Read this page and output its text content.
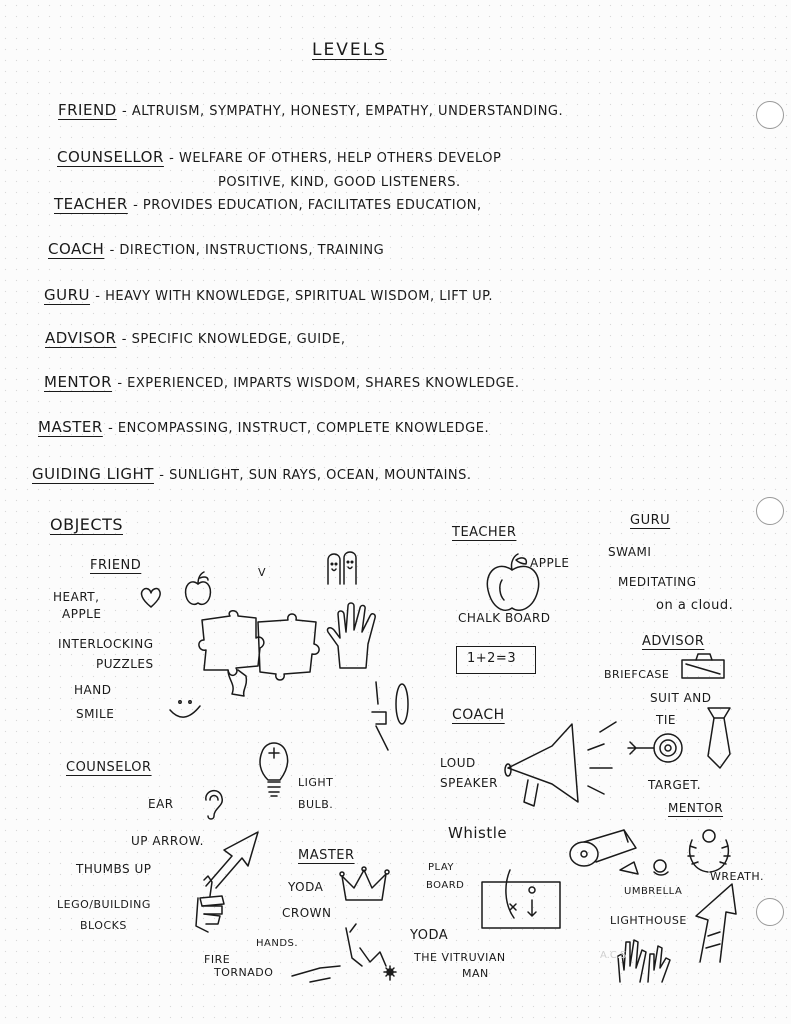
LEVELS
FRIEND - ALTRUISM, SYMPATHY, HONESTY, EMPATHY, UNDERSTANDING.
COUNSELLOR - WELFARE OF OTHERS, HELP OTHERS DEVELOP
POSITIVE, KIND, GOOD LISTENERS.
TEACHER - PROVIDES EDUCATION, FACILITATES EDUCATION,
COACH - DIRECTION, INSTRUCTIONS, TRAINING
GURU - HEAVY WITH KNOWLEDGE, SPIRITUAL WISDOM, LIFT UP.
ADVISOR - SPECIFIC KNOWLEDGE, GUIDE,
MENTOR - EXPERIENCED, IMPARTS WISDOM, SHARES KNOWLEDGE.
MASTER - ENCOMPASSING, INSTRUCT, COMPLETE KNOWLEDGE.
GUIDING LIGHT - SUNLIGHT, SUN RAYS, OCEAN, MOUNTAINS.
OBJECTS
FRIEND
HEART,
APPLE
INTERLOCKING
PUZZLES
HAND
SMILE
V
COUNSELOR
EAR
UP ARROW.
THUMBS UP
LEGO/BUILDING
BLOCKS
LIGHT BULB.
MASTER
YODA
CROWN
HANDS.
FIRE
TORNADO
YODA
THE VITRUVIAN
MAN
PLAY
BOARD
TEACHER
APPLE
CHALK BOARD
1+2=3
COACH
LOUD
SPEAKER
Whistle
GURU
SWAMI
MEDITATING
on a cloud.
ADVISOR
BRIEFCASE
SUIT AND
TIE
TARGET.
MENTOR
WREATH.
UMBRELLA
LIGHTHOUSE
A.C.S
